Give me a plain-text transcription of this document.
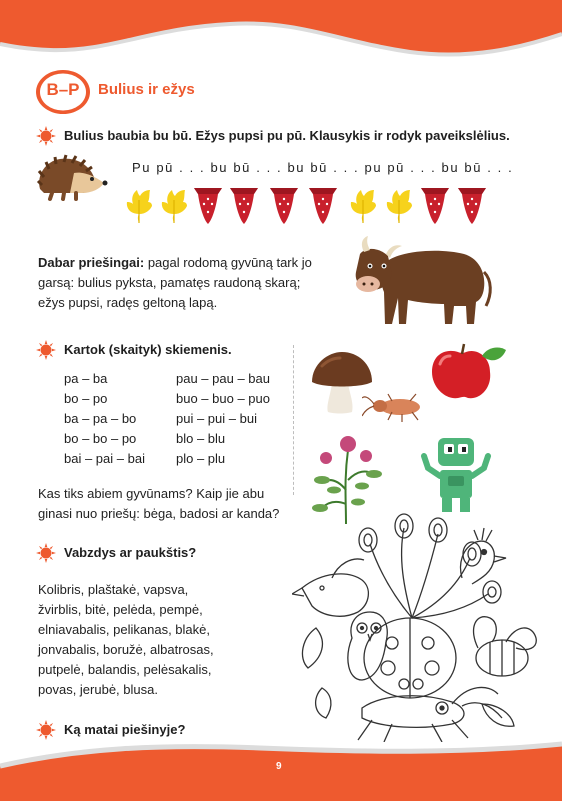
B–P	Bulius ir ežys
Bulius baubia bu bū. Ežys pupsi pu pū. Klausykis ir rodyk paveikslėlius.
Pu pū . . . bu bū . . . bu bū . . . pu pū . . . bu bū . . .
Dabar priešingai: pagal rodomą gyvūną tark jo
garsą: bulius pyksta, pamatęs raudoną skarą;
ežys pupsi, radęs geltoną lapą.
Kartok (skaityk) skiemenis.
pa – ba
bo – po
ba – pa – bo
bo – bo – po
bai – pai – bai
pau – pau – bau
buo – buo – puo
pui – pui – bui
blo – blu
plo – plu
Kas tiks abiem gyvūnams? Kaip jie abu
ginasi nuo priešų: bėga, badosi ar kanda?
Vabzdys ar paukštis?
Kolibris, plaštakė, vapsva,
žvirblis, bitė, pelėda, pempė,
elniavabalis, pelikanas, blakė,
jonvabalis, boružė, albatrosas,
putpelė, balandis, pelėsakalis,
povas, jerubė, blusa.
Ką matai piešinyje?
9
